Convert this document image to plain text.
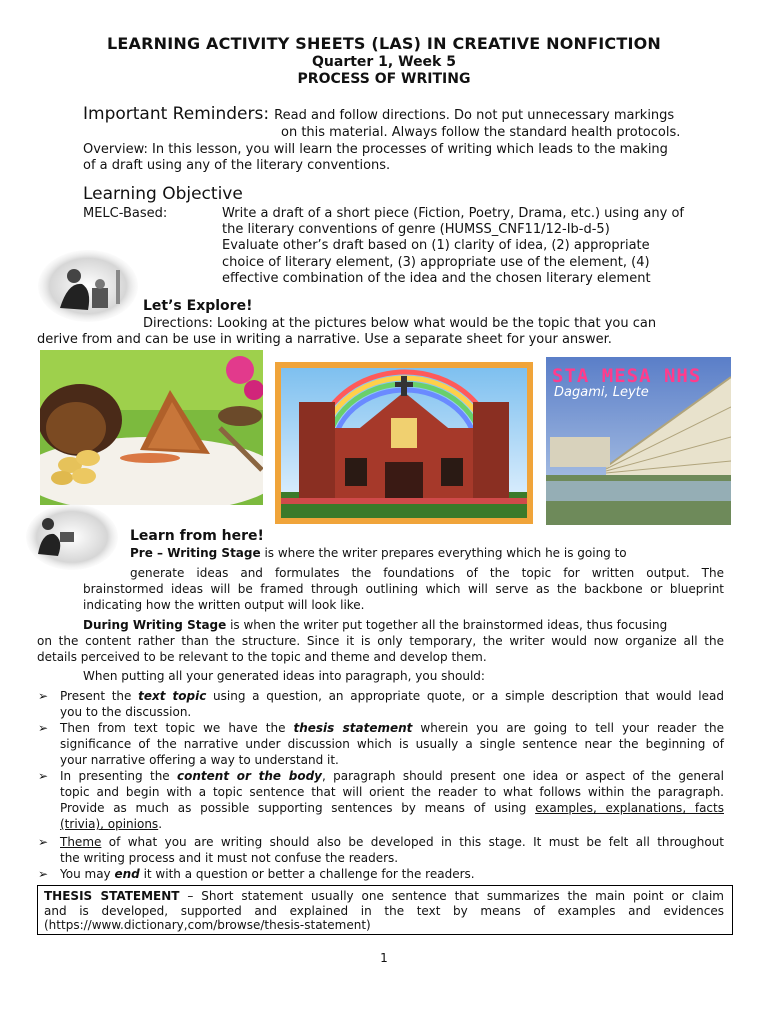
LEARNING ACTIVITY SHEETS (LAS) IN CREATIVE NONFICTION
Quarter 1, Week 5
PROCESS OF WRITING
Important Reminders: Read and follow directions. Do not put unnecessary markings
on this material. Always follow the standard health protocols.
Overview: In this lesson, you will learn the processes of writing which leads to the making
of a draft using any of the literary conventions.
Learning Objective
MELC-Based:	Write a draft of a short piece (Fiction, Poetry, Drama, etc.) using any of
the literary conventions of genre (HUMSS_CNF11/12-Ib-d-5)
Evaluate other’s draft based on (1) clarity of idea, (2) appropriate
choice of literary element, (3) appropriate use of the element, (4)
effective combination of the idea and the chosen literary element
Let’s Explore!
Directions: Looking at the pictures below what would be the topic that you can
derive from and can be use in writing a narrative. Use a separate sheet for your answer.
STA MESA NHS
Dagami, Leyte
Learn from here!
Pre – Writing Stage is where the writer prepares everything which he is going to
generate ideas and formulates the foundations of the topic for written output. The
brainstormed ideas will be framed through outlining which will serve as the backbone or blueprint
indicating how the written output will look like.
During Writing Stage is when the writer put together all the brainstormed ideas, thus focusing
on the content rather than the structure. Since it is only temporary, the writer would now organize all the
details perceived to be relevant to the topic and theme and develop them.
When putting all your generated ideas into paragraph, you should:
➢ Present the text topic using a question, an appropriate quote, or a simple description that would lead
you to the discussion.
➢ Then from text topic we have the thesis statement wherein you are going to tell your reader the
significance of the narrative under discussion which is usually a single sentence near the beginning of
your narrative offering a way to understand it.
➢ In presenting the content or the body, paragraph should present one idea or aspect of the general
topic and begin with a topic sentence that will orient the reader to what follows within the paragraph.
Provide as much as possible supporting sentences by means of using examples, explanations, facts
(trivia), opinions.
➢ Theme of what you are writing should also be developed in this stage. It must be felt all throughout
the writing process and it must not confuse the readers.
➢ You may end it with a question or better a challenge for the readers.
THESIS STATEMENT – Short statement usually one sentence that summarizes the main point or claim
and is developed, supported and explained in the text by means of examples and evidences
(https://www.dictionary,com/browse/thesis-statement)
1
